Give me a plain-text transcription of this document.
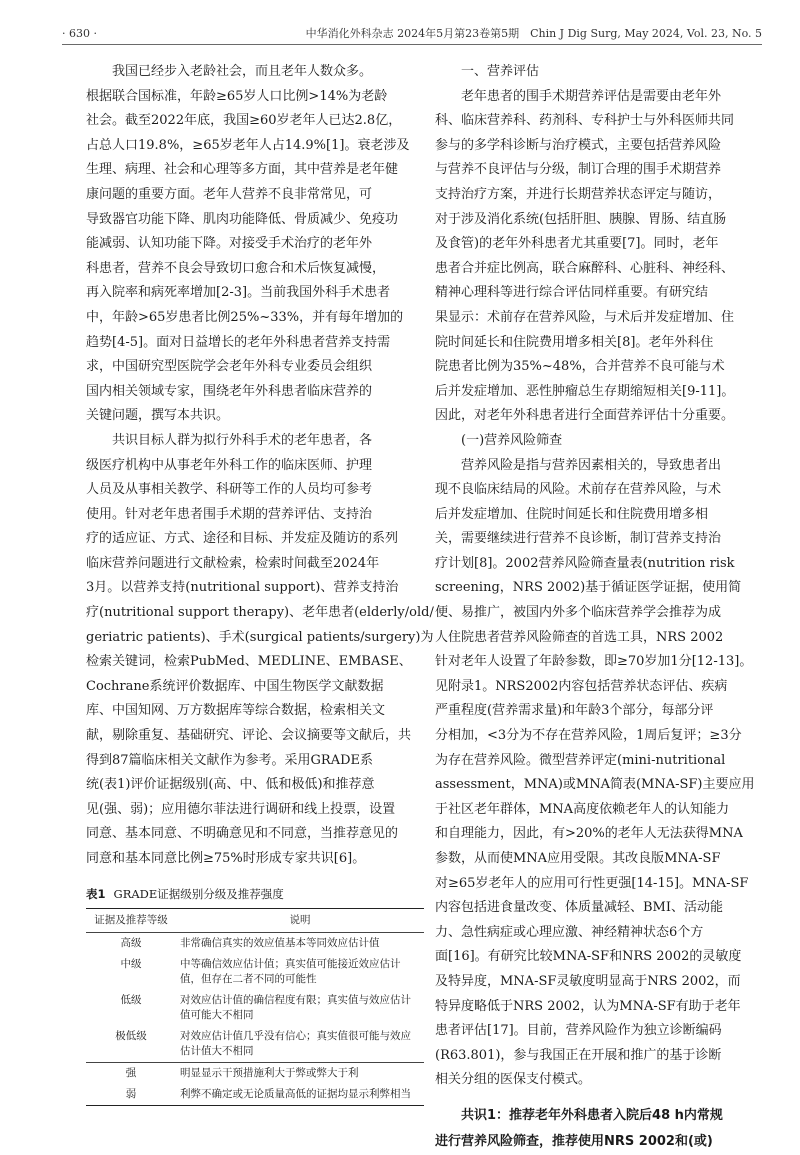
· 630 ·	中华消化外科杂志 2024年5月第23卷第5期　Chin J Dig Surg, May 2024, Vol. 23, No. 5

我国已经步入老龄社会，而且老年人数众多。
根据联合国标准，年龄≥65岁人口比例>14%为老龄
社会。截至2022年底，我国≥60岁老年人已达2.8亿，
占总人口19.8%，≥65岁老年人占14.9%[1]。衰老涉及
生理、病理、社会和心理等多方面，其中营养是老年健
康问题的重要方面。老年人营养不良非常常见，可
导致器官功能下降、肌肉功能降低、骨质减少、免疫功
能减弱、认知功能下降。对接受手术治疗的老年外
科患者，营养不良会导致切口愈合和术后恢复减慢，
再入院率和病死率增加[2-3]。当前我国外科手术患者
中，年龄>65岁患者比例25%~33%，并有每年增加的
趋势[4-5]。面对日益增长的老年外科患者营养支持需
求，中国研究型医院学会老年外科专业委员会组织
国内相关领域专家，围绕老年外科患者临床营养的
关键问题，撰写本共识。

共识目标人群为拟行外科手术的老年患者，各
级医疗机构中从事老年外科工作的临床医师、护理
人员及从事相关教学、科研等工作的人员均可参考
使用。针对老年患者围手术期的营养评估、支持治
疗的适应证、方式、途径和目标、并发症及随访的系列
临床营养问题进行文献检索，检索时间截至2024年
3月。以营养支持(nutritional support)、营养支持治
疗(nutritional support therapy)、老年患者(elderly/old/
geriatric patients)、手术(surgical patients/surgery)为
检索关键词，检索PubMed、MEDLINE、EMBASE、
Cochrane系统评价数据库、中国生物医学文献数据
库、中国知网、万方数据库等综合数据，检索相关文
献，剔除重复、基础研究、评论、会议摘要等文献后，共
得到87篇临床相关文献作为参考。采用GRADE系
统(表1)评价证据级别(高、中、低和极低)和推荐意
见(强、弱)；应用德尔菲法进行调研和线上投票，设置
同意、基本同意、不明确意见和不同意，当推荐意见的
同意和基本同意比例≥75%时形成专家共识[6]。

表1 GRADE证据级别分级及推荐强度
证据及推荐等级	说明
高级	非常确信真实的效应值基本等同效应估计值
中级	中等确信效应估计值；真实值可能接近效应估计值，但存在二者不同的可能性
低级	对效应估计值的确信程度有限；真实值与效应估计值可能大不相同
极低级	对效应估计值几乎没有信心；真实值很可能与效应估计值大不相同
强	明显显示干预措施利大于弊或弊大于利
弱	利弊不确定或无论质量高低的证据均显示利弊相当

一、营养评估

老年患者的围手术期营养评估是需要由老年外
科、临床营养科、药剂科、专科护士与外科医师共同
参与的多学科诊断与治疗模式，主要包括营养风险
与营养不良评估与分级，制订合理的围手术期营养
支持治疗方案，并进行长期营养状态评定与随访，
对于涉及消化系统(包括肝胆、胰腺、胃肠、结直肠
及食管)的老年外科患者尤其重要[7]。同时，老年
患者合并症比例高，联合麻醉科、心脏科、神经科、
精神心理科等进行综合评估同样重要。有研究结
果显示：术前存在营养风险，与术后并发症增加、住
院时间延长和住院费用增多相关[8]。老年外科住
院患者比例为35%~48%，合并营养不良可能与术
后并发症增加、恶性肿瘤总生存期缩短相关[9-11]。
因此，对老年外科患者进行全面营养评估十分重要。

(一)营养风险筛查

营养风险是指与营养因素相关的，导致患者出
现不良临床结局的风险。术前存在营养风险，与术
后并发症增加、住院时间延长和住院费用增多相
关，需要继续进行营养不良诊断，制订营养支持治
疗计划[8]。2002营养风险筛查量表(nutrition risk
screening，NRS 2002)基于循证医学证据，使用简
便、易推广，被国内外多个临床营养学会推荐为成
人住院患者营养风险筛查的首选工具，NRS 2002
针对老年人设置了年龄参数，即≥70岁加1分[12-13]。
见附录1。NRS2002内容包括营养状态评估、疾病
严重程度(营养需求量)和年龄3个部分，每部分评
分相加，<3分为不存在营养风险，1周后复评；≥3分
为存在营养风险。微型营养评定(mini-nutritional
assessment，MNA)或MNA简表(MNA-SF)主要应用
于社区老年群体，MNA高度依赖老年人的认知能力
和自理能力，因此，有>20%的老年人无法获得MNA
参数，从而使MNA应用受限。其改良版MNA-SF
对≥65岁老年人的应用可行性更强[14-15]。MNA-SF
内容包括进食量改变、体质量减轻、BMI、活动能
力、急性病症或心理应激、神经精神状态6个方
面[16]。有研究比较MNA-SF和NRS 2002的灵敏度
及特异度，MNA-SF灵敏度明显高于NRS 2002，而
特异度略低于NRS 2002，认为MNA-SF有助于老年
患者评估[17]。目前，营养风险作为独立诊断编码
(R63.801)，参与我国正在开展和推广的基于诊断
相关分组的医保支付模式。

共识1：推荐老年外科患者入院后48 h内常规
进行营养风险筛查，推荐使用NRS 2002和(或)
